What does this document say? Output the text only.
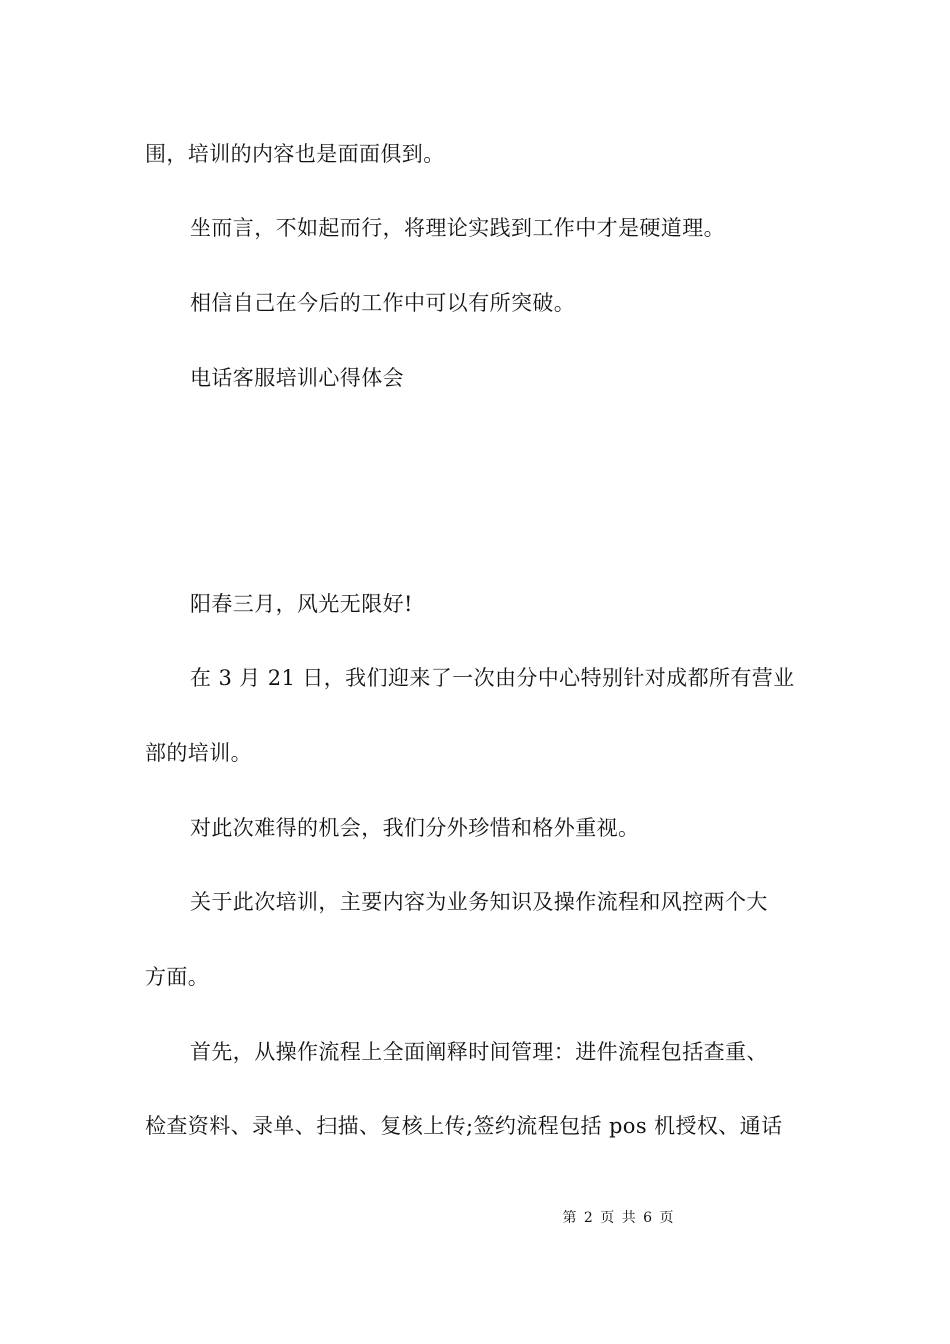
围，培训的内容也是面面俱到。
坐而言，不如起而行，将理论实践到工作中才是硬道理。
相信自己在今后的工作中可以有所突破。
电话客服培训心得体会
阳春三月，风光无限好!
在 3 月 21 日，我们迎来了一次由分中心特别针对成都所有营业
部的培训。
对此次难得的机会，我们分外珍惜和格外重视。
关于此次培训，主要内容为业务知识及操作流程和风控两个大
方面。
首先，从操作流程上全面阐释时间管理：进件流程包括查重、
检查资料、录单、扫描、复核上传;签约流程包括 pos 机授权、通话
第 2 页 共 6 页
